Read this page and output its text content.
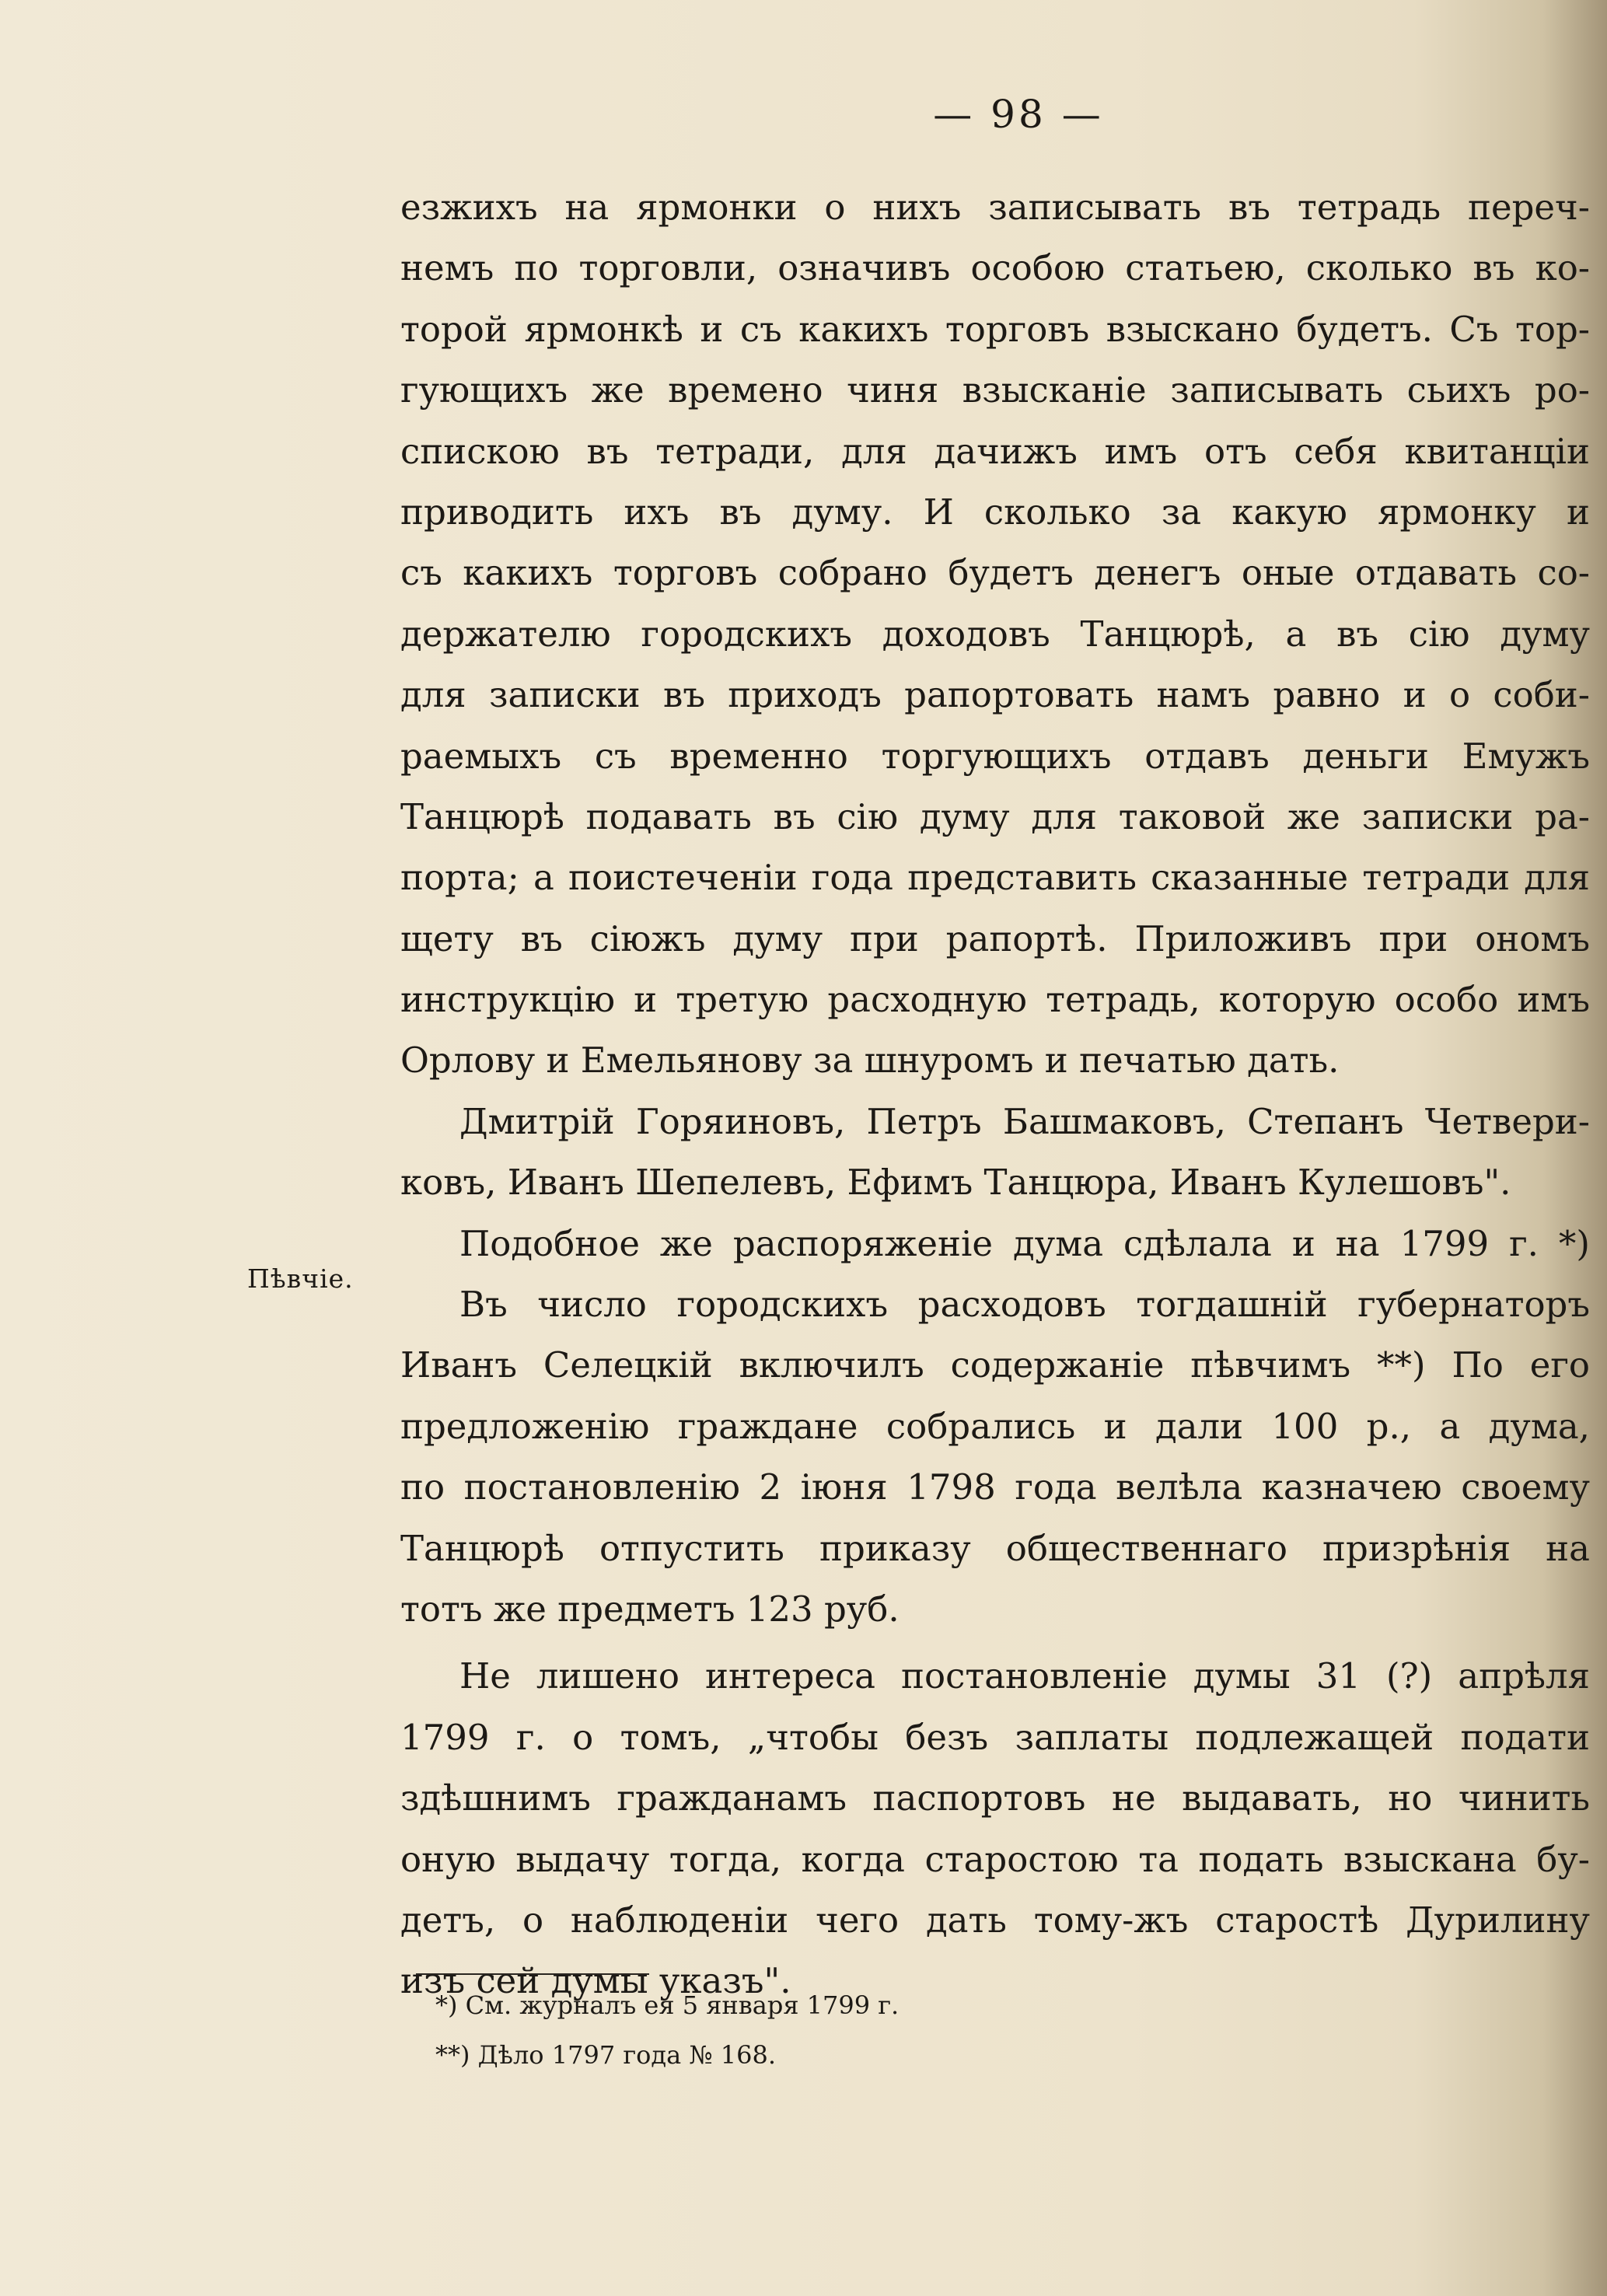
— 98 —
Пѣвчіе.
езжихъ на ярмонки о нихъ записывать въ тетрадь переч-
немъ по торговли, означивъ особою статьею, сколько въ ко-
торой ярмонкѣ и съ какихъ торговъ взыскано будетъ. Съ тор-
гующихъ же времено чиня взысканіе записывать сьихъ ро-
спискою въ тетради, для дачижъ имъ отъ себя квитанціи
приводить ихъ въ думу. И сколько за какую ярмонку и
съ какихъ торговъ собрано будетъ денегъ оные отдавать со-
держателю городскихъ доходовъ Танцюрѣ, а въ сію думу
для записки въ приходъ рапортовать намъ равно и о соби-
раемыхъ съ временно торгующихъ отдавъ деньги Емужъ
Танцюрѣ подавать въ сію думу для таковой же записки ра-
порта; а поистеченіи года представить сказанные тетради для
щету въ сіюжъ думу при рапортѣ. Приложивъ при ономъ
инструкцію и третую расходную тетрадь, которую особо имъ
Орлову и Емельянову за шнуромъ и печатью дать.
Дмитрій Горяиновъ, Петръ Башмаковъ, Степанъ Четвери-
ковъ, Иванъ Шепелевъ, Ефимъ Танцюра, Иванъ Кулешовъ".
Подобное же распоряженіе дума сдѣлала и на 1799 г. *)
Въ число городскихъ расходовъ тогдашній губернаторъ
Иванъ Селецкій включилъ содержаніе пѣвчимъ **) По его
предложенію граждане собрались и дали 100 р., а дума,
по постановленію 2 іюня 1798 года велѣла казначею своему
Танцюрѣ отпустить приказу общественнаго призрѣнія на
тотъ же предметъ 123 руб.
Не лишено интереса постановленіе думы 31 (?) апрѣля
1799 г. о томъ, „чтобы безъ заплаты подлежащей подати
здѣшнимъ гражданамъ паспортовъ не выдавать, но чинить
оную выдачу тогда, когда старостою та подать взыскана бу-
детъ, о наблюденіи чего дать тому-жъ старостѣ Дурилину
изъ сей думы указъ".
*) См. журналъ ея 5 января 1799 г.
**) Дѣло 1797 года № 168.
